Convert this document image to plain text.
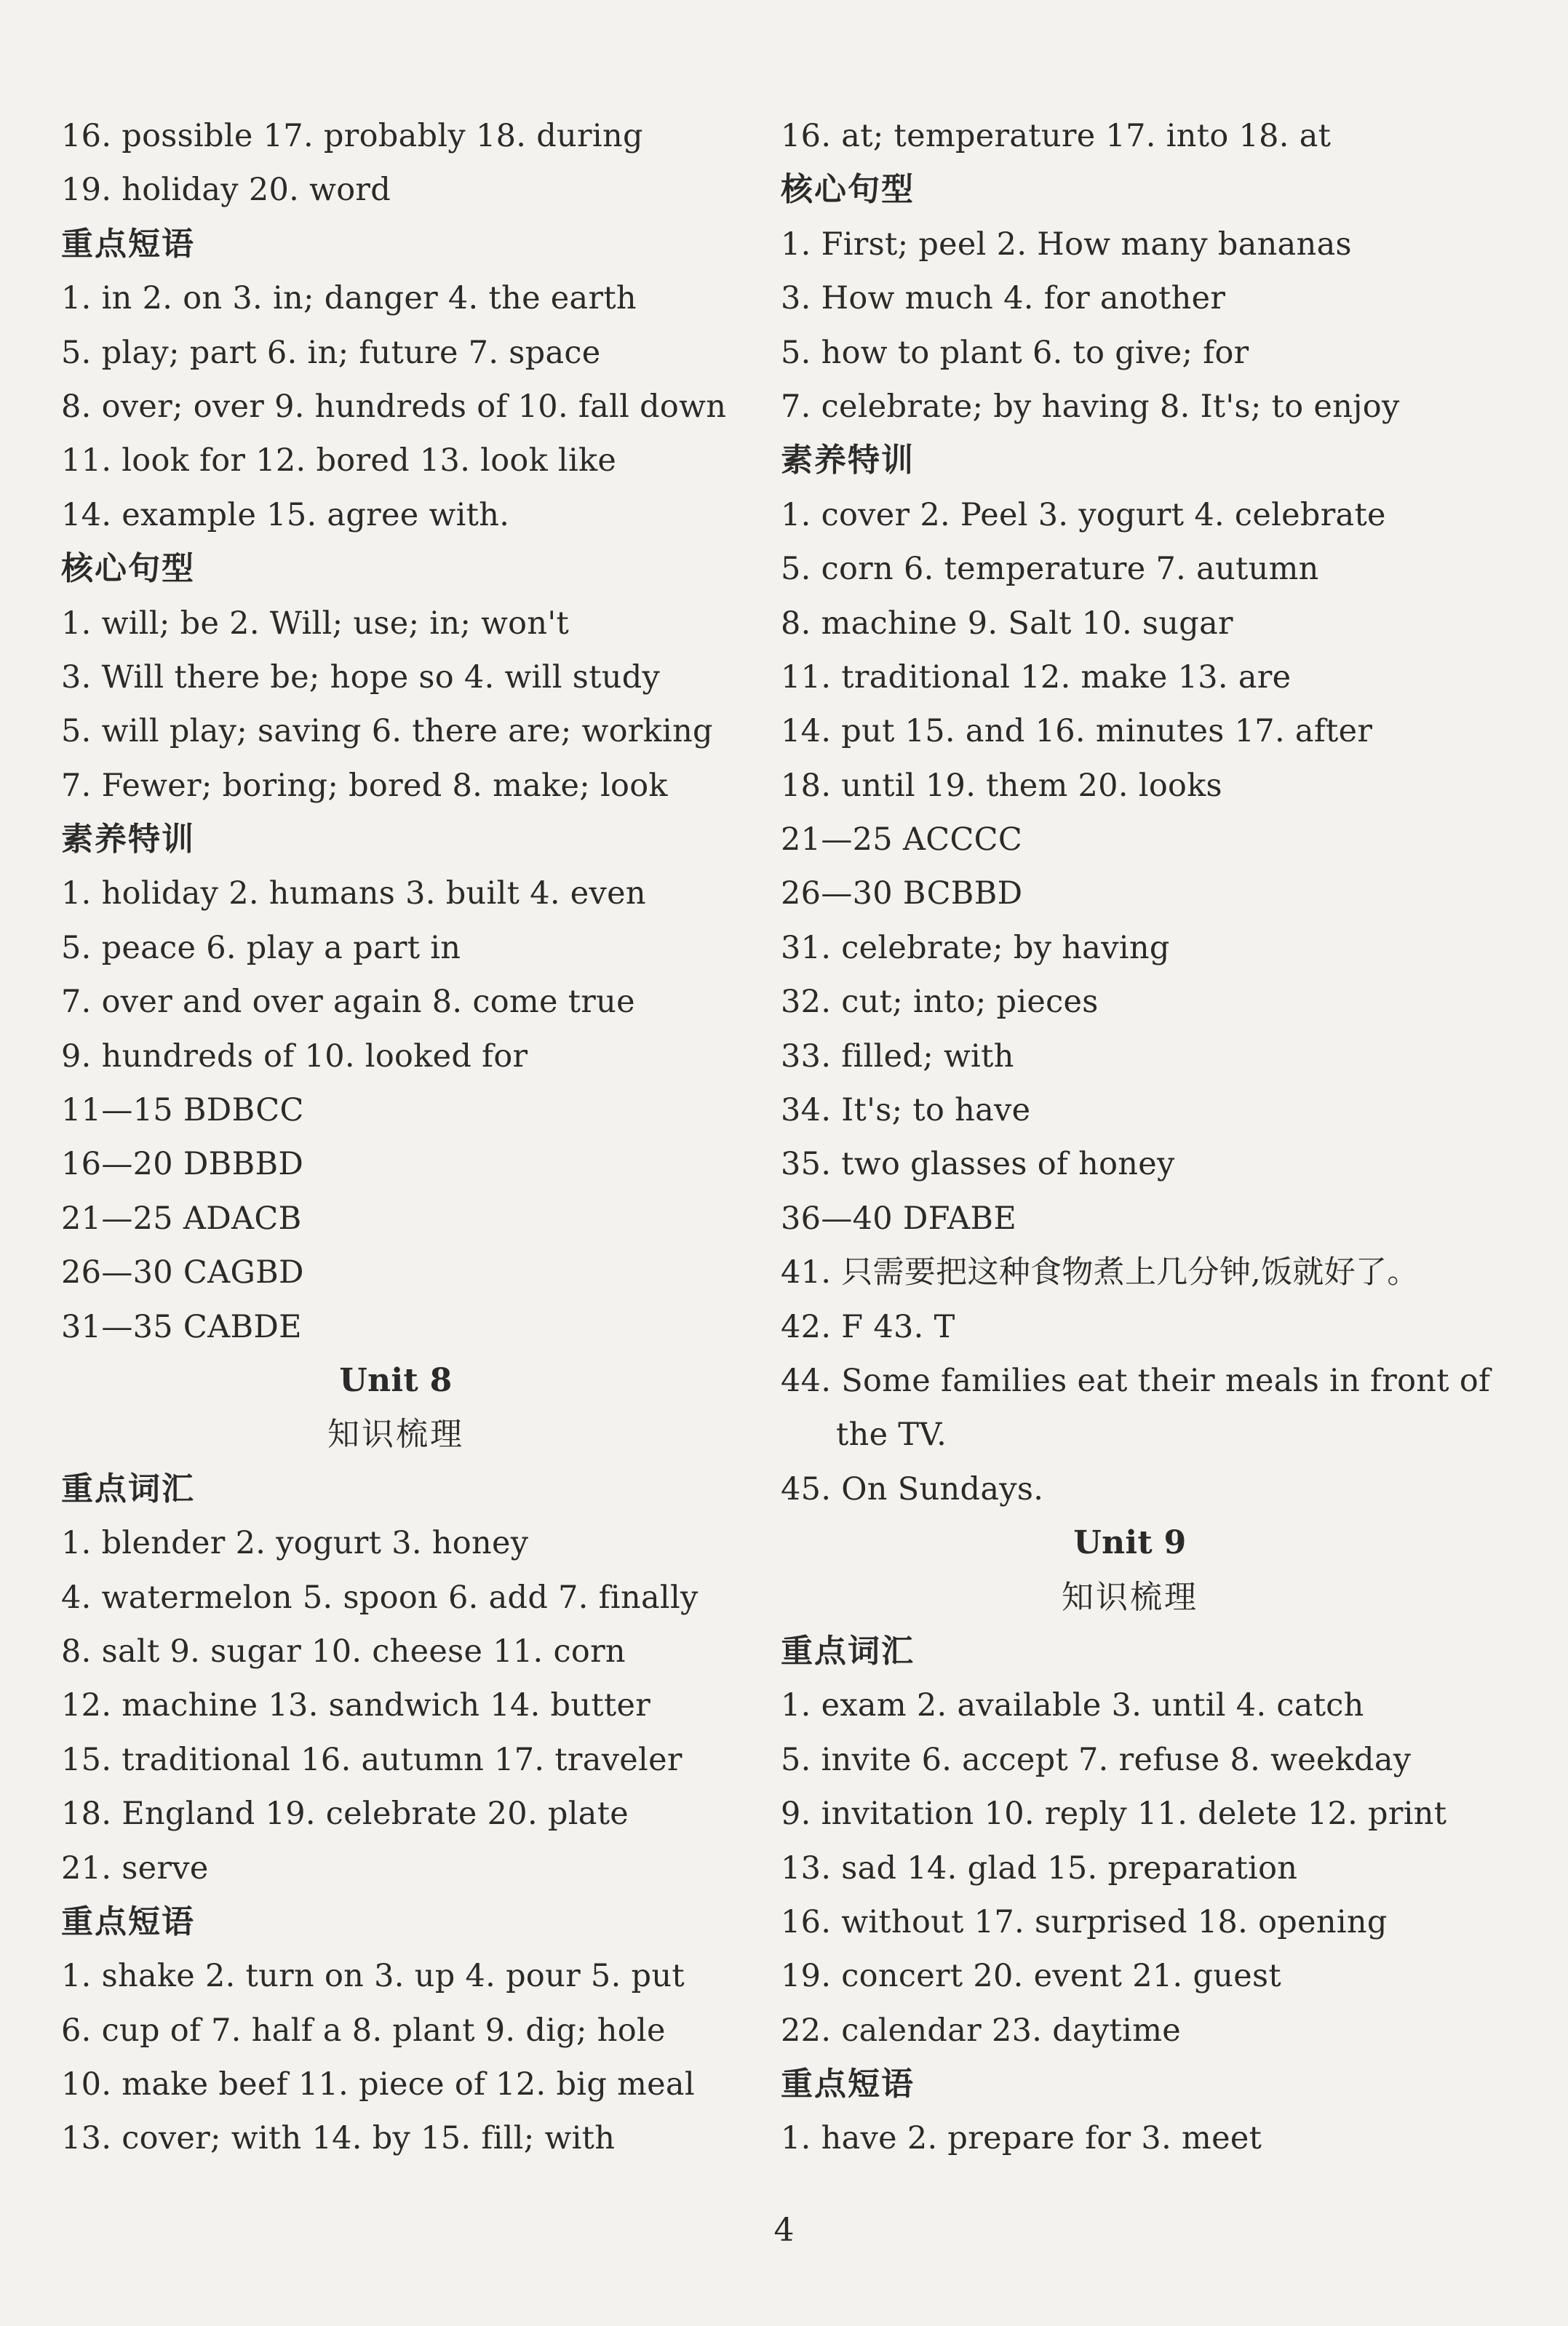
16. possible 17. probably 18. during
19. holiday 20. word
重点短语
1. in 2. on 3. in; danger 4. the earth
5. play; part 6. in; future 7. space
8. over; over 9. hundreds of 10. fall down
11. look for 12. bored 13. look like
14. example 15. agree with.
核心句型
1. will; be 2. Will; use; in; won't
3. Will there be; hope so 4. will study
5. will play; saving 6. there are; working
7. Fewer; boring; bored 8. make; look
素养特训
1. holiday 2. humans 3. built 4. even
5. peace 6. play a part in
7. over and over again 8. come true
9. hundreds of 10. looked for
11—15 BDBCC
16—20 DBBBD
21—25 ADACB
26—30 CAGBD
31—35 CABDE
Unit 8
知识梳理
重点词汇
1. blender 2. yogurt 3. honey
4. watermelon 5. spoon 6. add 7. finally
8. salt 9. sugar 10. cheese 11. corn
12. machine 13. sandwich 14. butter
15. traditional 16. autumn 17. traveler
18. England 19. celebrate 20. plate
21. serve
重点短语
1. shake 2. turn on 3. up 4. pour 5. put
6. cup of 7. half a 8. plant 9. dig; hole
10. make beef 11. piece of 12. big meal
13. cover; with 14. by 15. fill; with
16. at; temperature 17. into 18. at
核心句型
1. First; peel 2. How many bananas
3. How much 4. for another
5. how to plant 6. to give; for
7. celebrate; by having 8. It's; to enjoy
素养特训
1. cover 2. Peel 3. yogurt 4. celebrate
5. corn 6. temperature 7. autumn
8. machine 9. Salt 10. sugar
11. traditional 12. make 13. are
14. put 15. and 16. minutes 17. after
18. until 19. them 20. looks
21—25 ACCCC
26—30 BCBBD
31. celebrate; by having
32. cut; into; pieces
33. filled; with
34. It's; to have
35. two glasses of honey
36—40 DFABE
41. 只需要把这种食物煮上几分钟,饭就好了。
42. F 43. T
44. Some families eat their meals in front of
the TV.
45. On Sundays.
Unit 9
知识梳理
重点词汇
1. exam 2. available 3. until 4. catch
5. invite 6. accept 7. refuse 8. weekday
9. invitation 10. reply 11. delete 12. print
13. sad 14. glad 15. preparation
16. without 17. surprised 18. opening
19. concert 20. event 21. guest
22. calendar 23. daytime
重点短语
1. have 2. prepare for 3. meet
4
